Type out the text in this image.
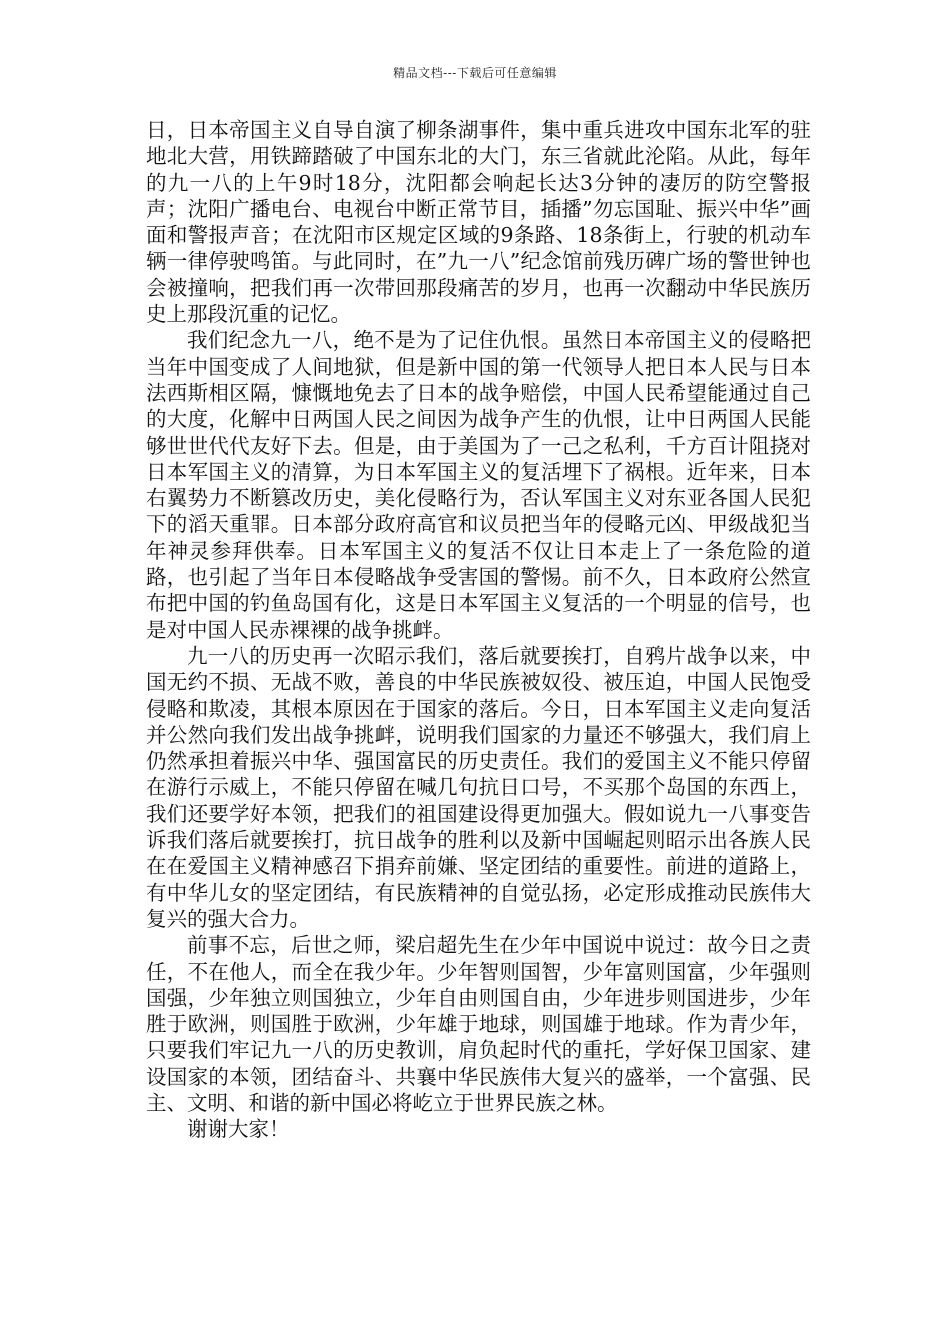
精品文档---下载后可任意编辑

日，日本帝国主义自导自演了柳条湖事件，集中重兵进攻中国东北军的驻地北大营，用铁蹄踏破了中国东北的大门，东三省就此沦陷。从此，每年的九一八的上午9时18分，沈阳都会响起长达3分钟的凄厉的防空警报声；沈阳广播电台、电视台中断正常节目，插播”勿忘国耻、振兴中华”画面和警报声音；在沈阳市区规定区域的9条路、18条街上，行驶的机动车辆一律停驶鸣笛。与此同时，在”九一八”纪念馆前残历碑广场的警世钟也会被撞响，把我们再一次带回那段痛苦的岁月，也再一次翻动中华民族历史上那段沉重的记忆。

我们纪念九一八，绝不是为了记住仇恨。虽然日本帝国主义的侵略把当年中国变成了人间地狱，但是新中国的第一代领导人把日本人民与日本法西斯相区隔，慷慨地免去了日本的战争赔偿，中国人民希望能通过自己的大度，化解中日两国人民之间因为战争产生的仇恨，让中日两国人民能够世世代代友好下去。但是，由于美国为了一己之私利，千方百计阻挠对日本军国主义的清算，为日本军国主义的复活埋下了祸根。近年来，日本右翼势力不断篡改历史，美化侵略行为，否认军国主义对东亚各国人民犯下的滔天重罪。日本部分政府高官和议员把当年的侵略元凶、甲级战犯当年神灵参拜供奉。日本军国主义的复活不仅让日本走上了一条危险的道路，也引起了当年日本侵略战争受害国的警惕。前不久，日本政府公然宣布把中国的钓鱼岛国有化，这是日本军国主义复活的一个明显的信号，也是对中国人民赤裸裸的战争挑衅。

九一八的历史再一次昭示我们，落后就要挨打，自鸦片战争以来，中国无约不损、无战不败，善良的中华民族被奴役、被压迫，中国人民饱受侵略和欺凌，其根本原因在于国家的落后。今日，日本军国主义走向复活并公然向我们发出战争挑衅，说明我们国家的力量还不够强大，我们肩上仍然承担着振兴中华、强国富民的历史责任。我们的爱国主义不能只停留在游行示威上，不能只停留在喊几句抗日口号，不买那个岛国的东西上，我们还要学好本领，把我们的祖国建设得更加强大。假如说九一八事变告诉我们落后就要挨打，抗日战争的胜利以及新中国崛起则昭示出各族人民在在爱国主义精神感召下捐弃前嫌、坚定团结的重要性。前进的道路上，有中华儿女的坚定团结，有民族精神的自觉弘扬，必定形成推动民族伟大复兴的强大合力。

前事不忘，后世之师，梁启超先生在少年中国说中说过：故今日之责任，不在他人，而全在我少年。少年智则国智，少年富则国富，少年强则国强，少年独立则国独立，少年自由则国自由，少年进步则国进步，少年胜于欧洲，则国胜于欧洲，少年雄于地球，则国雄于地球。作为青少年，只要我们牢记九一八的历史教训，肩负起时代的重托，学好保卫国家、建设国家的本领，团结奋斗、共襄中华民族伟大复兴的盛举，一个富强、民主、文明、和谐的新中国必将屹立于世界民族之林。

谢谢大家！
